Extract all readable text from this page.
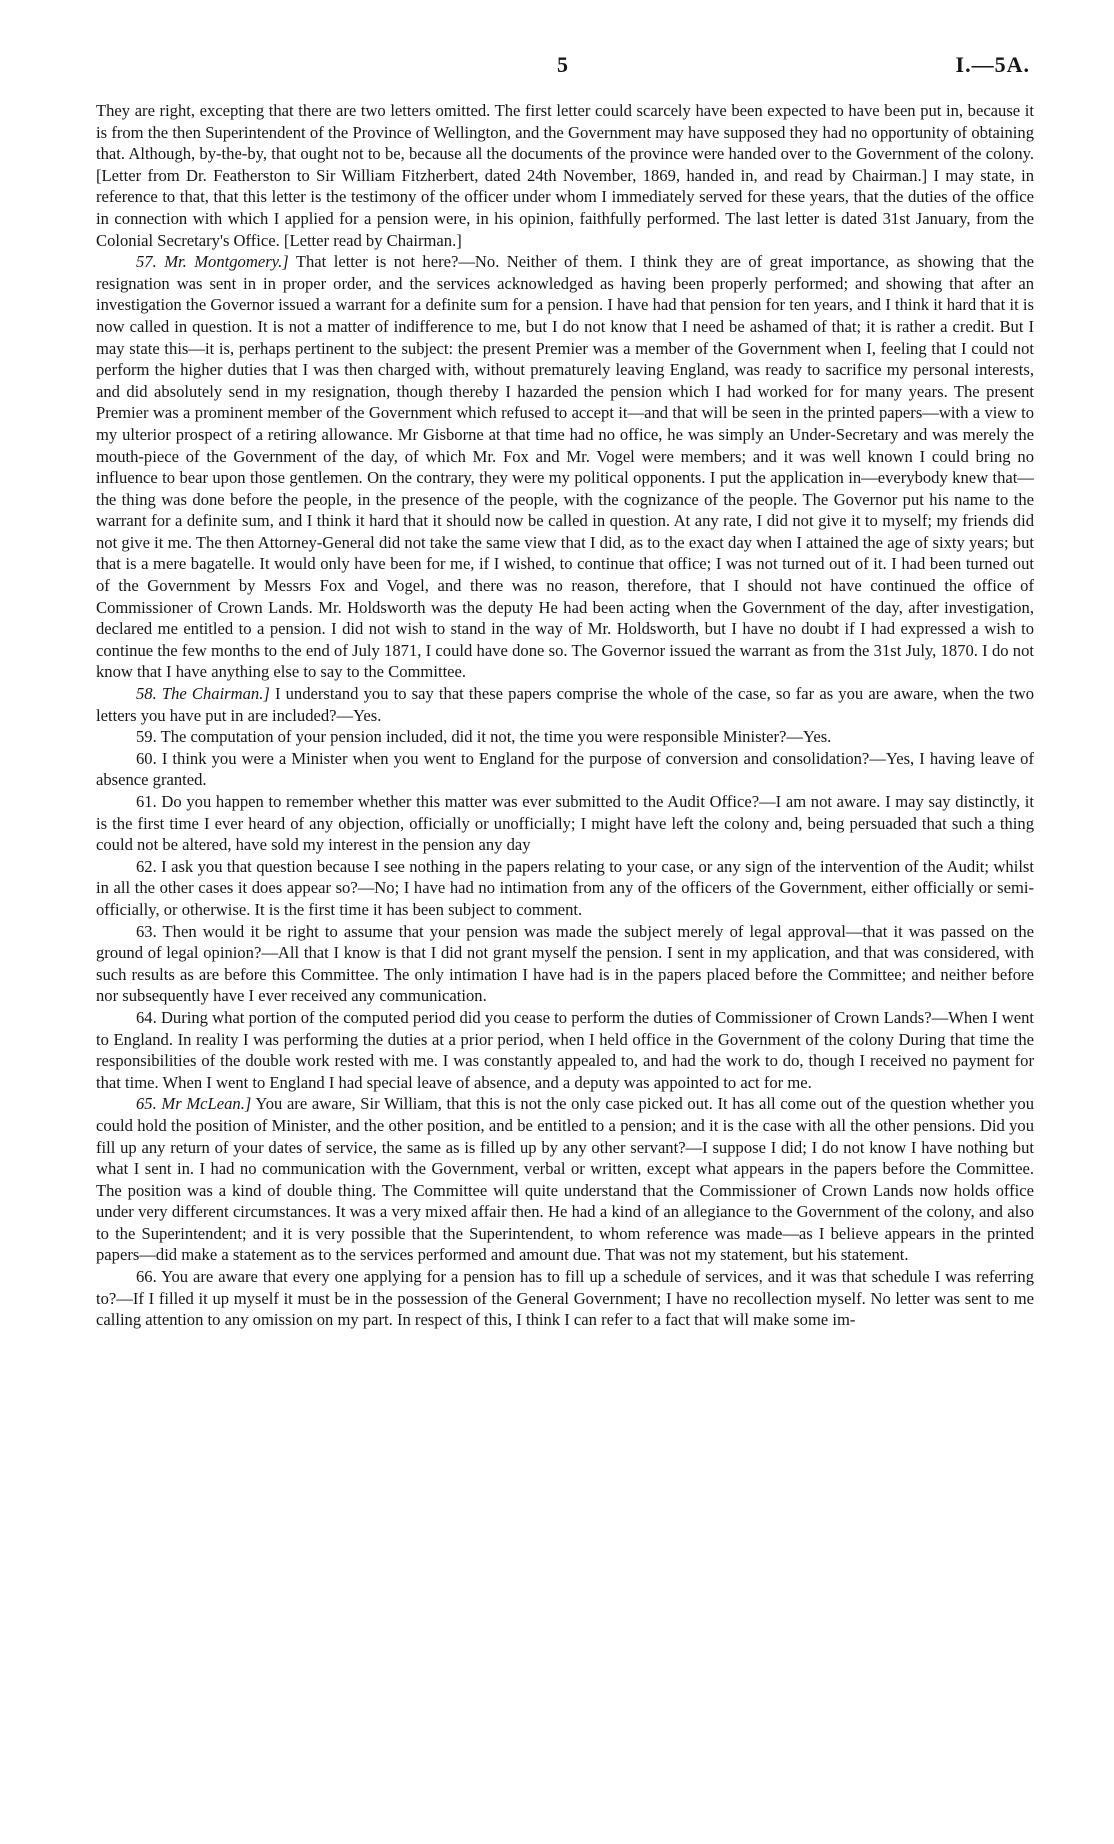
5	I.—5A.

They are right, excepting that there are two letters omitted. The first letter could scarcely have been expected to have been put in, because it is from the then Superintendent of the Province of Wellington, and the Government may have supposed they had no opportunity of obtaining that. Although, by-the-by, that ought not to be, because all the documents of the province were handed over to the Government of the colony. [Letter from Dr. Featherston to Sir William Fitzherbert, dated 24th November, 1869, handed in, and read by Chairman.] I may state, in reference to that, that this letter is the testimony of the officer under whom I immediately served for these years, that the duties of the office in connection with which I applied for a pension were, in his opinion, faithfully performed. The last letter is dated 31st January, from the Colonial Secretary's Office. [Letter read by Chairman.]

57. Mr. Montgomery.] That letter is not here?—No. Neither of them. I think they are of great importance, as showing that the resignation was sent in in proper order, and the services acknowledged as having been properly performed; and showing that after an investigation the Governor issued a warrant for a definite sum for a pension. I have had that pension for ten years, and I think it hard that it is now called in question. It is not a matter of indifference to me, but I do not know that I need be ashamed of that; it is rather a credit. But I may state this—it is, perhaps pertinent to the subject: the present Premier was a member of the Government when I, feeling that I could not perform the higher duties that I was then charged with, without prematurely leaving England, was ready to sacrifice my personal interests, and did absolutely send in my resignation, though thereby I hazarded the pension which I had worked for for many years. The present Premier was a prominent member of the Government which refused to accept it—and that will be seen in the printed papers—with a view to my ulterior prospect of a retiring allowance. Mr Gisborne at that time had no office, he was simply an Under-Secretary and was merely the mouth-piece of the Government of the day, of which Mr. Fox and Mr. Vogel were members; and it was well known I could bring no influence to bear upon those gentlemen. On the contrary, they were my political opponents. I put the application in—everybody knew that—the thing was done before the people, in the presence of the people, with the cognizance of the people. The Governor put his name to the warrant for a definite sum, and I think it hard that it should now be called in question. At any rate, I did not give it to myself; my friends did not give it me. The then Attorney-General did not take the same view that I did, as to the exact day when I attained the age of sixty years; but that is a mere bagatelle. It would only have been for me, if I wished, to continue that office; I was not turned out of it. I had been turned out of the Government by Messrs Fox and Vogel, and there was no reason, therefore, that I should not have continued the office of Commissioner of Crown Lands. Mr. Holdsworth was the deputy He had been acting when the Government of the day, after investigation, declared me entitled to a pension. I did not wish to stand in the way of Mr. Holdsworth, but I have no doubt if I had expressed a wish to continue the few months to the end of July 1871, I could have done so. The Governor issued the warrant as from the 31st July, 1870. I do not know that I have anything else to say to the Committee.

58. The Chairman.] I understand you to say that these papers comprise the whole of the case, so far as you are aware, when the two letters you have put in are included?—Yes.

59. The computation of your pension included, did it not, the time you were responsible Minister?—Yes.

60. I think you were a Minister when you went to England for the purpose of conversion and consolidation?—Yes, I having leave of absence granted.

61. Do you happen to remember whether this matter was ever submitted to the Audit Office?—I am not aware. I may say distinctly, it is the first time I ever heard of any objection, officially or unofficially; I might have left the colony and, being persuaded that such a thing could not be altered, have sold my interest in the pension any day

62. I ask you that question because I see nothing in the papers relating to your case, or any sign of the intervention of the Audit; whilst in all the other cases it does appear so?—No; I have had no intimation from any of the officers of the Government, either officially or semi-officially, or otherwise. It is the first time it has been subject to comment.

63. Then would it be right to assume that your pension was made the subject merely of legal approval—that it was passed on the ground of legal opinion?—All that I know is that I did not grant myself the pension. I sent in my application, and that was considered, with such results as are before this Committee. The only intimation I have had is in the papers placed before the Committee; and neither before nor subsequently have I ever received any communication.

64. During what portion of the computed period did you cease to perform the duties of Commissioner of Crown Lands?—When I went to England. In reality I was performing the duties at a prior period, when I held office in the Government of the colony During that time the responsibilities of the double work rested with me. I was constantly appealed to, and had the work to do, though I received no payment for that time. When I went to England I had special leave of absence, and a deputy was appointed to act for me.

65. Mr McLean.] You are aware, Sir William, that this is not the only case picked out. It has all come out of the question whether you could hold the position of Minister, and the other position, and be entitled to a pension; and it is the case with all the other pensions. Did you fill up any return of your dates of service, the same as is filled up by any other servant?—I suppose I did; I do not know I have nothing but what I sent in. I had no communication with the Government, verbal or written, except what appears in the papers before the Committee. The position was a kind of double thing. The Committee will quite understand that the Commissioner of Crown Lands now holds office under very different circumstances. It was a very mixed affair then. He had a kind of an allegiance to the Government of the colony, and also to the Superintendent; and it is very possible that the Superintendent, to whom reference was made—as I believe appears in the printed papers—did make a statement as to the services performed and amount due. That was not my statement, but his statement.

66. You are aware that every one applying for a pension has to fill up a schedule of services, and it was that schedule I was referring to?—If I filled it up myself it must be in the possession of the General Government; I have no recollection myself. No letter was sent to me calling attention to any omission on my part. In respect of this, I think I can refer to a fact that will make some im-
